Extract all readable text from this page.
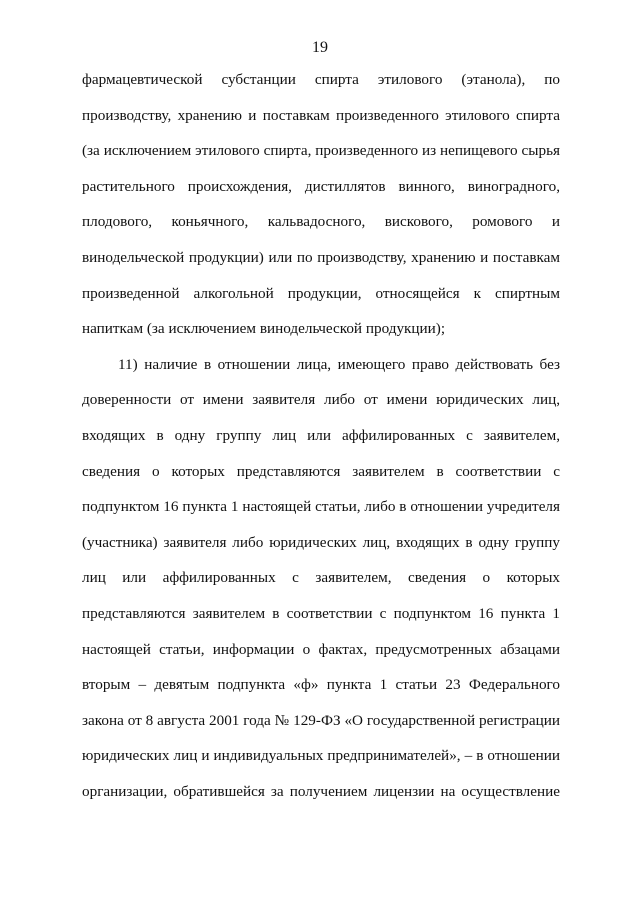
19
фармацевтической субстанции спирта этилового (этанола), по
производству, хранению и поставкам произведенного этилового спирта
(за исключением этилового спирта, произведенного из непищевого сырья
растительного происхождения, дистиллятов винного, виноградного,
плодового, коньячного, кальвадосного, вискового, ромового и
винодельческой продукции) или по производству, хранению и поставкам
произведенной алкогольной продукции, относящейся к спиртным
напиткам (за исключением винодельческой продукции);
11) наличие в отношении лица, имеющего право действовать без
доверенности от имени заявителя либо от имени юридических лиц,
входящих в одну группу лиц или аффилированных с заявителем,
сведения о которых представляются заявителем в соответствии с
подпунктом 16 пункта 1 настоящей статьи, либо в отношении учредителя
(участника) заявителя либо юридических лиц, входящих в одну группу
лиц или аффилированных с заявителем, сведения о которых
представляются заявителем в соответствии с подпунктом 16 пункта 1
настоящей статьи, информации о фактах, предусмотренных абзацами
вторым – девятым подпункта «ф» пункта 1 статьи 23 Федерального
закона от 8 августа 2001 года № 129-ФЗ «О государственной регистрации
юридических лиц и индивидуальных предпринимателей», – в отношении
организации, обратившейся за получением лицензии на осуществление
